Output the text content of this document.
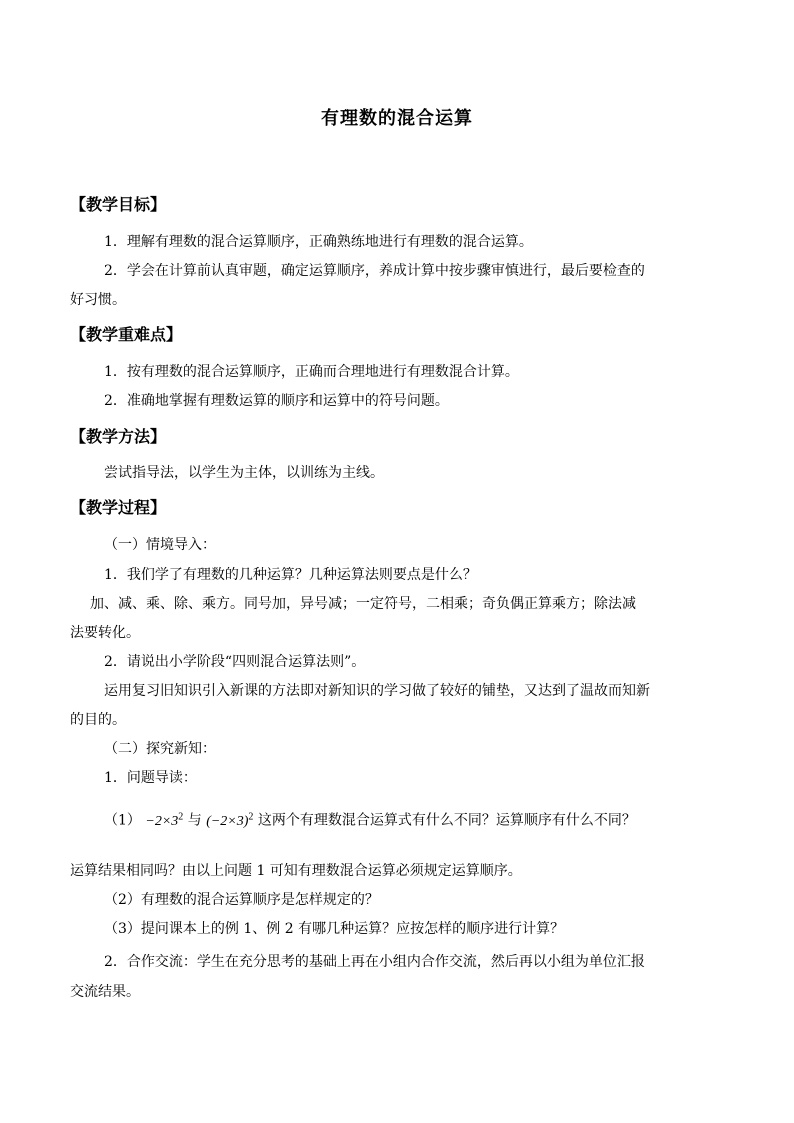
有理数的混合运算
【教学目标】
1．理解有理数的混合运算顺序，正确熟练地进行有理数的混合运算。
2．学会在计算前认真审题，确定运算顺序，养成计算中按步骤审慎进行，最后要检查的
好习惯。
【教学重难点】
1．按有理数的混合运算顺序，正确而合理地进行有理数混合计算。
2．准确地掌握有理数运算的顺序和运算中的符号问题。
【教学方法】
尝试指导法，以学生为主体，以训练为主线。
【教学过程】
（一）情境导入：
1．我们学了有理数的几种运算？几种运算法则要点是什么？
加、减、乘、除、乘方。同号加，异号减；一定符号，二相乘；奇负偶正算乘方；除法减
法要转化。
2．请说出小学阶段“四则混合运算法则”。
运用复习旧知识引入新课的方法即对新知识的学习做了较好的铺垫，又达到了温故而知新
的目的。
（二）探究新知：
1．问题导读：
$(1) -2\times 3^2$ 与 $(-2\times 3)^2$ 这两个有理数混合运算式有什么不同？运算顺序有什么不同？
运算结果相同吗？由以上问题 1 可知有理数混合运算必须规定运算顺序。
（2）有理数的混合运算顺序是怎样规定的？
（3）提问课本上的例 1、例 2 有哪几种运算？应按怎样的顺序进行计算？
2．合作交流：学生在充分思考的基础上再在小组内合作交流，然后再以小组为单位汇报
交流结果。
